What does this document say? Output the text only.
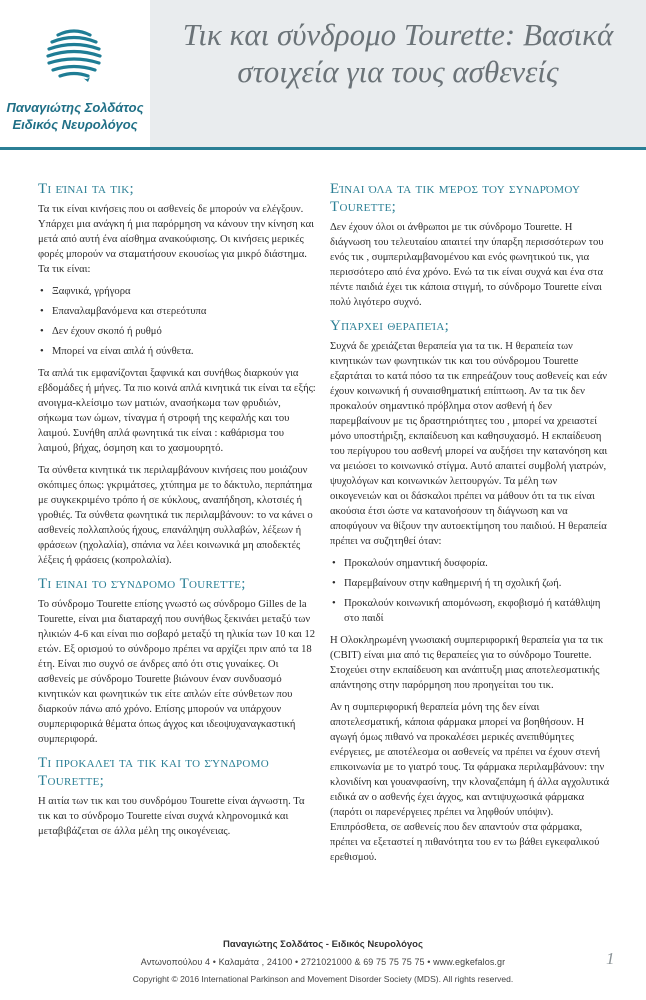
Παναγιώτης Σολδάτος
Ειδικός Νευρολόγος
Τικ και σύνδρομο Tourette: Βασικά στοιχεία για τους ασθενείς
Τι είναι τα τικ;

Τα τικ είναι κινήσεις που οι ασθενείς δε μπορούν να ελέγξουν. Υπάρχει μια ανάγκη ή μια παρόρμηση να κάνουν την κίνηση και μετά από αυτή ένα αίσθημα ανακούφισης. Οι κινήσεις μερικές φορές μπορούν να σταματήσουν εκουσίως για μικρό διάστημα. Τα τικ είναι:

• Ξαφνικά, γρήγορα
• Επαναλαμβανόμενα και στερεότυπα
• Δεν έχουν σκοπό ή ρυθμό
• Μπορεί να είναι απλά ή σύνθετα.

Τα απλά τικ εμφανίζονται ξαφνικά και συνήθως διαρκούν για εβδομάδες ή μήνες. Τα πιο κοινά απλά κινητικά τικ είναι τα εξής: ανοιγμα-κλείσιμο των ματιών, ανασήκωμα των φρυδιών, σήκωμα των ώμων, τίναγμα ή στροφή της κεφαλής και του λαιμού. Συνήθη απλά φωνητικά τικ είναι : καθάρισμα του λαιμού, βήχας, όσμηση και το χασμουρητό.

Τα σύνθετα κινητικά τικ περιλαμβάνουν κινήσεις που μοιάζουν σκόπιμες όπως: γκριμάτσες, χτύπημα με το δάκτυλο, περπάτημα με συγκεκριμένο τρόπο ή σε κύκλους, αναπήδηση, κλοτσιές ή γροθιές. Τα σύνθετα φωνητικά τικ περιλαμβάνουν: το να κάνει ο ασθενείς πολλαπλούς ήχους, επανάληψη συλλαβών, λέξεων ή φράσεων (ηχολαλία), σπάνια να λέει κοινωνικά μη αποδεκτές λέξεις ή φράσεις (κοπρολαλία).

Τι είναι το σύνδρομο Tourette;

Το σύνδρομο Tourette επίσης γνωστό ως σύνδρομο Gilles de la Tourette, είναι μια διαταραχή που συνήθως ξεκινάει μεταξύ των ηλικιών 4-6 και είναι πιο σοβαρό μεταξύ τη ηλικία των 10 και 12 ετών. Εξ ορισμού το σύνδρομο πρέπει να αρχίζει πριν από τα 18 έτη. Είναι πιο συχνό σε άνδρες από ότι στις γυναίκες. Οι ασθενείς με σύνδρομο Tourette βιώνουν έναν συνδυασμό κινητικών και φωνητικών τικ είτε απλών είτε σύνθετων που διαρκούν πάνω από χρόνο. Επίσης μπορούν να υπάρχουν συμπεριφορικά θέματα όπως άγχος και ιδεοψυχαναγκαστική συμπεριφορά.

Τι προκαλεί τα τικ και το σύνδρομο Tourette;

Η αιτία των τικ και του συνδρόμου Tourette είναι άγνωστη. Τα τικ και το σύνδρομο Tourette είναι συχνά κληρονομικά και μεταβιβάζεται σε άλλα μέλη της οικογένειας.

Είναι όλα τα τικ μέρος του συνδρόμου Tourette;

Δεν έχουν όλοι οι άνθρωποι με τικ σύνδρομο Tourette. Η διάγνωση του τελευταίου απαιτεί την ύπαρξη περισσότερων του ενός τικ , συμπεριλαμβανομένου και ενός φωνητικού τικ, για περισσότερο από ένα χρόνο. Ενώ τα τικ είναι συχνά και ένα στα πέντε παιδιά έχει τικ κάποια στιγμή, το σύνδρομο Tourette είναι πολύ λιγότερο συχνό.

Υπάρχει θεραπεία;

Συχνά δε χρειάζεται θεραπεία για τα τικ. Η θεραπεία των κινητικών των φωνητικών τικ και του σύνδρομου Tourette εξαρτάται το κατά πόσο τα τικ επηρεάζουν τους ασθενείς και εάν έχουν κοινωνική ή συναισθηματική επίπτωση. Αν τα τικ δεν προκαλούν σημαντικό πρόβλημα στον ασθενή ή δεν παρεμβαίνουν με τις δραστηριότητες του , μπορεί να χρειαστεί μόνο υποστήριξη, εκπαίδευση και καθησυχασμό. Η εκπαίδευση του περίγυρου του ασθενή μπορεί να αυξήσει την κατανόηση και να μειώσει το κοινωνικό στίγμα. Αυτό απαιτεί συμβολή γιατρών, ψυχολόγων και κοινωνικών λειτουργών. Τα μέλη των οικογενειών και οι δάσκαλοι πρέπει να μάθουν ότι τα τικ είναι ακούσια έτσι ώστε να κατανοήσουν τη διάγνωση και να αποφύγουν να θίξουν την αυτοεκτίμηση του παιδιού. Η θεραπεία πρέπει να συζητηθεί όταν:

• Προκαλούν σημαντική δυσφορία.
• Παρεμβαίνουν στην καθημερινή ή τη σχολική ζωή.
• Προκαλούν κοινωνική απομόνωση, εκφοβισμό ή κατάθλιψη στο παιδί

Η Ολοκληρωμένη γνωσιακή συμπεριφορική θεραπεία για τα τικ (CBIT) είναι μια από τις θεραπείες για το σύνδρομο Tourette. Στοχεύει στην εκπαίδευση και ανάπτυξη μιας αποτελεσματικής απάντησης στην παρόρμηση που προηγείται του τικ.

Αν η συμπεριφορική θεραπεία μόνη της δεν είναι αποτελεσματική, κάποια φάρμακα μπορεί να βοηθήσουν. Η αγωγή όμως πιθανό να προκαλέσει μερικές ανεπιθύμητες ενέργειες, με αποτέλεσμα οι ασθενείς να πρέπει να έχουν στενή επικοινωνία με το γιατρό τους. Τα φάρμακα περιλαμβάνουν: την κλονιδίνη και γουανφασίνη, την κλοναζεπάμη ή άλλα αγχολυτικά ειδικά αν ο ασθενής έχει άγχος, και αντιψυχωσικά φάρμακα (παρότι οι παρενέργειες πρέπει να ληφθούν υπόψιν). Επιπρόσθετα, σε ασθενείς που δεν απαντούν στα φάρμακα, πρέπει να εξεταστεί η πιθανότητα του εν τω βάθει εγκεφαλικού ερεθισμού.

Παναγιώτης Σολδάτος - Ειδικός Νευρολόγος
Αντωνοπούλου 4 • Καλαμάτα , 24100 • 2721021000 & 69 75 75 75 75 • www.egkefalos.gr
Copyright © 2016 International Parkinson and Movement Disorder Society (MDS). All rights reserved.
1
